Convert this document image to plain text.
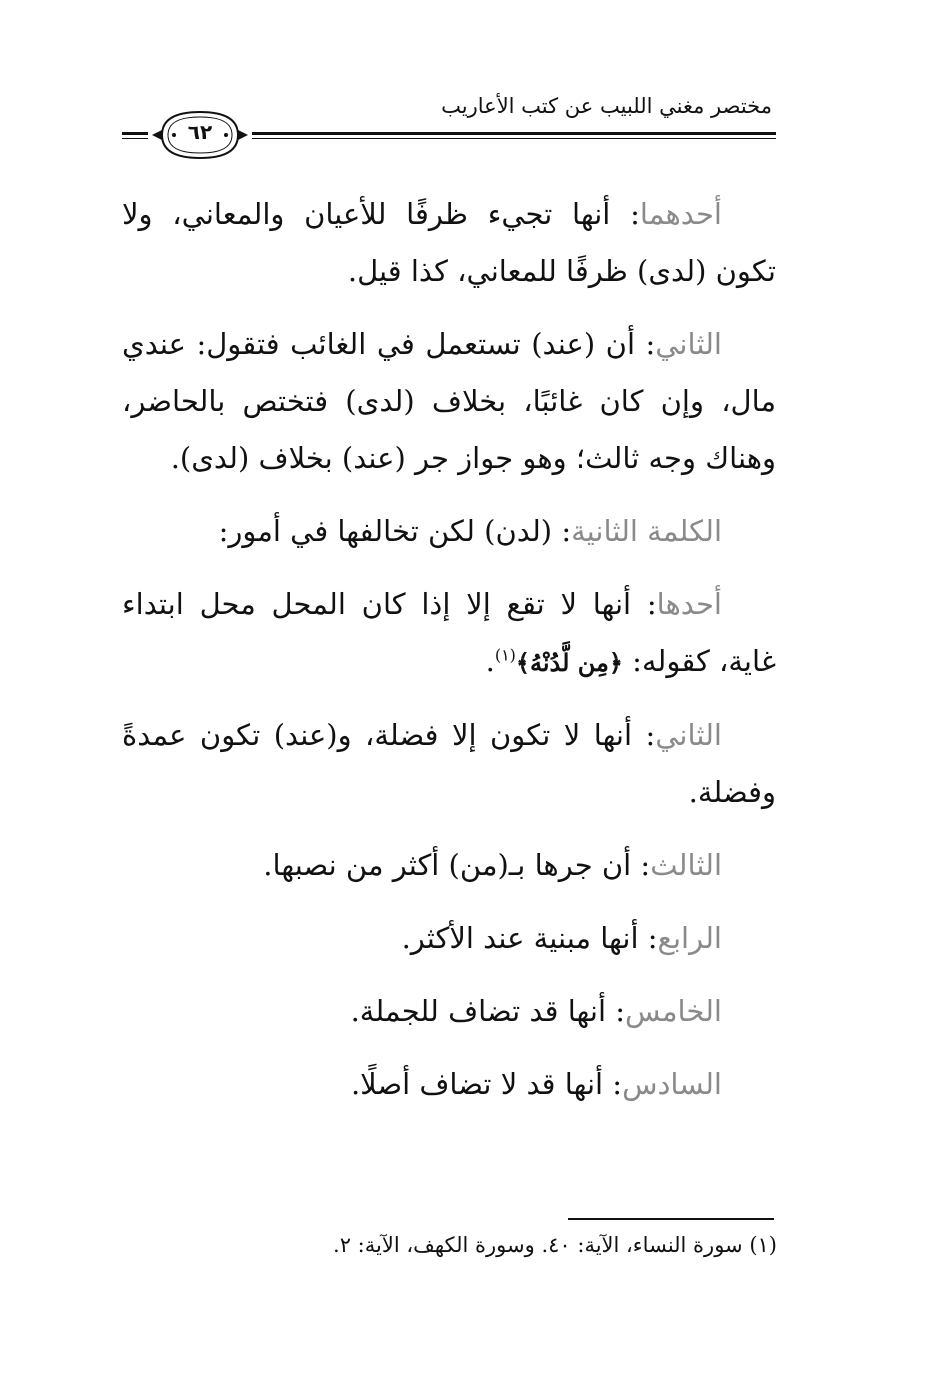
مختصر مغني اللبيب عن كتب الأعاريب
٦٢

أحدهما: أنها تجيء ظرفًا للأعيان والمعاني، ولا تكون (لدى) ظرفًا للمعاني، كذا قيل.

الثاني: أن (عند) تستعمل في الغائب فتقول: عندي مال، وإن كان غائبًا، بخلاف (لدى) فتختص بالحاضر، وهناك وجه ثالث؛ وهو جواز جر (عند) بخلاف (لدى).

الكلمة الثانية: (لدن) لكن تخالفها في أمور:

أحدها: أنها لا تقع إلا إذا كان المحل محل ابتداء غاية، كقوله: ﴿مِن لَّدُنْهُ﴾$^{(١)}$.

الثاني: أنها لا تكون إلا فضلة، و(عند) تكون عمدةً وفضلة.

الثالث: أن جرها بـ(من) أكثر من نصبها.

الرابع: أنها مبنية عند الأكثر.

الخامس: أنها قد تضاف للجملة.

السادس: أنها قد لا تضاف أصلًا.

(١) سورة النساء، الآية: ٤٠. وسورة الكهف، الآية: ٢.
